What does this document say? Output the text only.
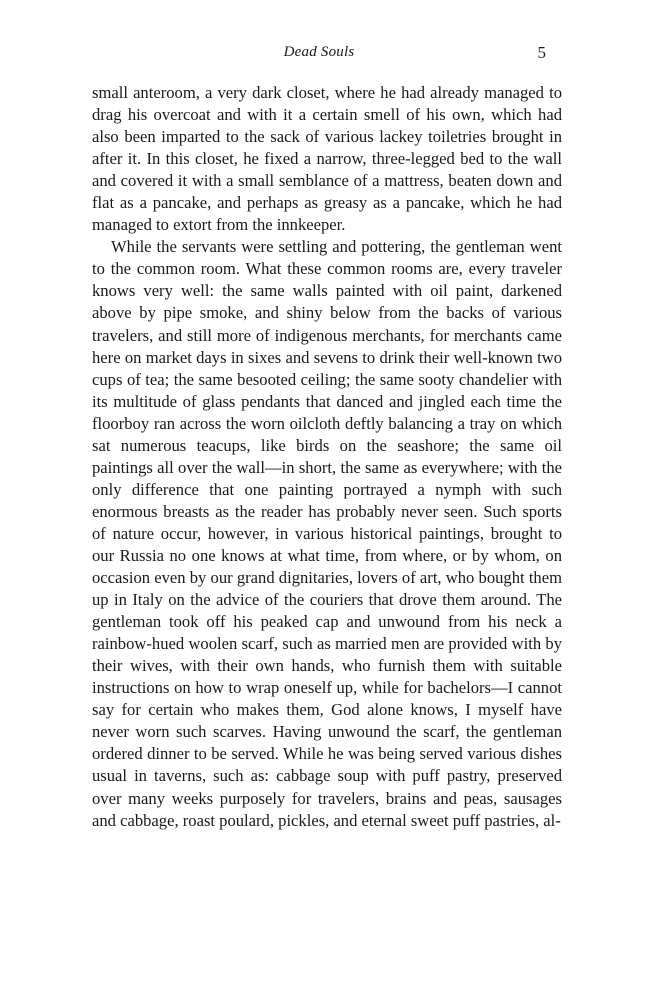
Dead Souls	5

small anteroom, a very dark closet, where he had already managed to drag his overcoat and with it a certain smell of his own, which had also been imparted to the sack of various lackey toiletries brought in after it. In this closet, he fixed a narrow, three-legged bed to the wall and covered it with a small semblance of a mattress, beaten down and flat as a pancake, and perhaps as greasy as a pancake, which he had managed to extort from the innkeeper.

While the servants were settling and pottering, the gentleman went to the common room. What these common rooms are, every traveler knows very well: the same walls painted with oil paint, darkened above by pipe smoke, and shiny below from the backs of various travelers, and still more of indigenous merchants, for merchants came here on market days in sixes and sevens to drink their well-known two cups of tea; the same besooted ceiling; the same sooty chandelier with its multitude of glass pendants that danced and jingled each time the floorboy ran across the worn oilcloth deftly balancing a tray on which sat numerous teacups, like birds on the seashore; the same oil paintings all over the wall—in short, the same as everywhere; with the only difference that one painting portrayed a nymph with such enormous breasts as the reader has probably never seen. Such sports of nature occur, however, in various historical paintings, brought to our Russia no one knows at what time, from where, or by whom, on occasion even by our grand dignitaries, lovers of art, who bought them up in Italy on the advice of the couriers that drove them around. The gentleman took off his peaked cap and unwound from his neck a rainbow-hued woolen scarf, such as married men are provided with by their wives, with their own hands, who furnish them with suitable instructions on how to wrap oneself up, while for bachelors—I cannot say for certain who makes them, God alone knows, I myself have never worn such scarves. Having unwound the scarf, the gentleman ordered dinner to be served. While he was being served various dishes usual in taverns, such as: cabbage soup with puff pastry, preserved over many weeks purposely for travelers, brains and peas, sausages and cabbage, roast poulard, pickles, and eternal sweet puff pastries, al-
